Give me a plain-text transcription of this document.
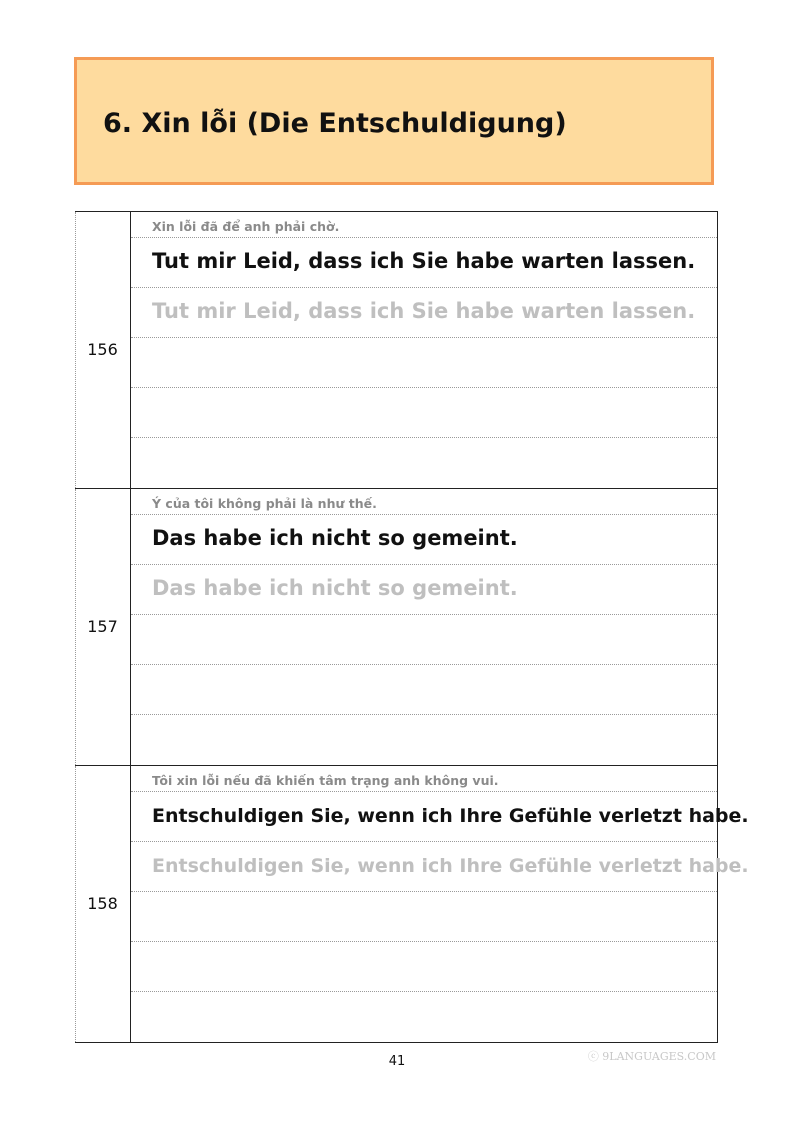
6. Xin lỗi (Die Entschuldigung)
156
Xin lỗi đã để anh phải chờ.
Tut mir Leid, dass ich Sie habe warten lassen.
Tut mir Leid, dass ich Sie habe warten lassen.
157
Ý của tôi không phải là như thế.
Das habe ich nicht so gemeint.
Das habe ich nicht so gemeint.
158
Tôi xin lỗi nếu đã khiến tâm trạng anh không vui.
Entschuldigen Sie, wenn ich Ihre Gefühle verletzt habe.
Entschuldigen Sie, wenn ich Ihre Gefühle verletzt habe.
41	ⓒ 9LANGUAGES.COM
